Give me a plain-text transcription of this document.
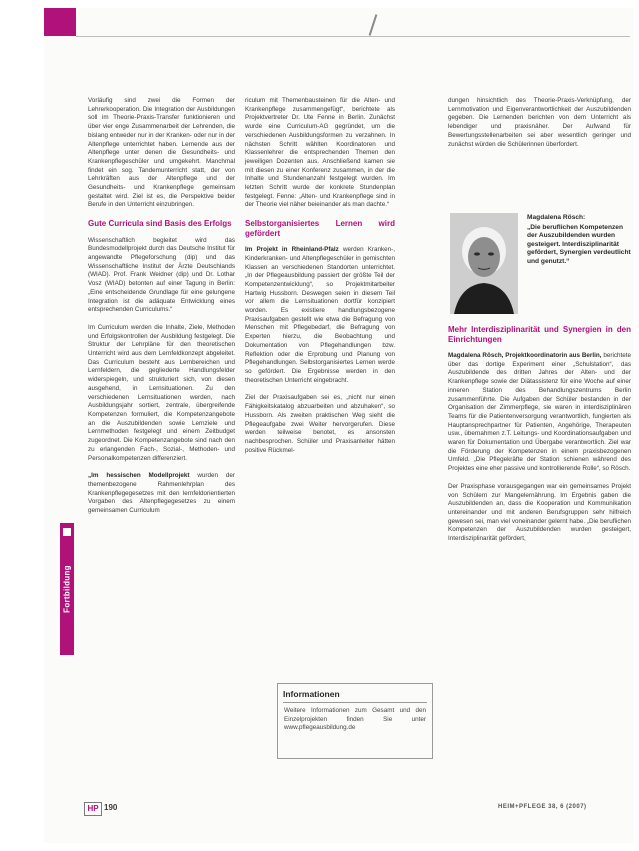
Fortbildung

Vorläufig sind zwei die Formen der Lehrerkooperation. Die Integration der Ausbildungen soll im Theorie-Praxis-Transfer funktionieren und über vier enge Zusammenarbeit der Lehrenden, die bislang entweder nur in der Kranken- oder nur in der Altenpflege unterrichtet haben. Lernende aus der Altenpflege unter denen die Gesundheits- und Krankenpflegeschüler und umgekehrt. Manchmal findet ein sog. Tandemunterricht statt, der von Lehrkräften aus der Altenpflege und der Gesundheits- und Krankenpflege gemeinsam gestaltet wird. Ziel ist es, die Perspektive beider Berufe in den Unterricht einzubringen.

Gute Curricula sind Basis des Erfolgs

Wissenschaftlich begleitet wird das Bundesmodellprojekt durch das Deutsche Institut für angewandte Pflegeforschung (dip) und das Wissenschaftliche Institut der Ärzte Deutschlands (WIAD). Prof. Frank Weidner (dip) und Dr. Lothar Vosz (WIAD) betonten auf einer Tagung in Berlin: „Eine entscheidende Grundlage für eine gelungene Integration ist die adäquate Entwicklung eines entsprechenden Curriculums.“

Im Curriculum werden die Inhalte, Ziele, Methoden und Erfolgskontrollen der Ausbildung festgelegt. Die Struktur der Lehrpläne für den theoretischen Unterricht wird aus dem Lernfeldkonzept abgeleitet. Das Curriculum besteht aus Lernbereichen und Lernfeldern, die gegliederte Handlungsfelder widerspiegeln, und strukturiert sich, von diesen ausgehend, in Lernsituationen. Zu den verschiedenen Lernsituationen werden, nach Ausbildungsjahr sortiert, zentrale, übergreifende Kompetenzen formuliert, die Kompetenzangebote an die Auszubildenden sowie Lernziele und Lernmethoden festgelegt und einem Zeitbudget zugeordnet. Die Kompetenzangebote sind nach den zu erlangenden Fach-, Sozial-, Methoden- und Personalkompetenzen differenziert.

„Im hessischen Modellprojekt wurden der themenbezogene Rahmenlehrplan des Krankenpflegegesetzes mit den lernfeldorientierten Vorgaben des Altenpflegegesetzes zu einem gemeinsamen Curriculum

riculum mit Themenbausteinen für die Alten- und Krankenpflege zusammengefügt“, berichtete als Projektvertreter Dr. Ute Fenne in Berlin. Zunächst wurde eine Curriculum-AG gegründet, um die verschiedenen Ausbildungsformen zu verzahnen. In nächsten Schritt wählten Koordinatoren und Klassenlehrer die entsprechenden Themen den jeweiligen Dozenten aus. Anschließend kamen sie mit diesen zu einer Konferenz zusammen, in der die Inhalte und Stundenanzahl festgelegt wurden. Im letzten Schritt wurde der konkrete Stundenplan festgelegt. Fenne: „Alten- und Krankenpflege sind in der Theorie viel näher beieinander als man dachte.“

Selbstorganisiertes Lernen wird gefördert

Im Projekt in Rheinland-Pfalz werden Kranken-, Kinderkranken- und Altenpflegeschüler in gemischten Klassen an verschiedenen Standorten unterrichtet. „In der Pflegeausbildung passiert der größte Teil der Kompetenzentwicklung“, so Projektmitarbeiter Hartwig Hussborn. Deswegen seien in diesem Teil vor allem die Lernsituationen dortfür konzipiert worden. Es existiere handlungsbezogene Praxisaufgaben gestellt wie etwa die Befragung von Menschen mit Pflegebedarf, die Befragung von Experten hierzu, die Beobachtung und Dokumentation von Pflegehandlungen bzw. Reflektion oder die Erprobung und Planung von Pflegehandlungen. Selbstorganisiertes Lernen werde so gefördert. Die Ergebnisse werden in den theoretischen Unterricht eingebracht.

Ziel der Praxisaufgaben sei es, „nicht nur einen Fähigkeitskatalog abzuarbeiten und abzuhaken“, so Hussborn. Als zweiten praktischen Weg sieht die Pflegeaufgabe zwei Weiter hervorgerufen. Diese werden teilweise benotet, es ansonsten nachbesprochen. Schüler und Praxisanleiter hätten positive Rückmel-

dungen hinsichtlich des Theorie-Praxis-Verknüpfung, der Lernmotivation und Eigenverantwortlichkeit der Auszubildenden gegeben. Die Lernenden berichten von dem Unterricht als lebendiger und praxisnäher. Der Aufwand für Bewertungsstellenarbeiten sei aber wesentlich geringer und zunächst würden die Schülerinnen überfordert.

Magdalena Rösch:
„Die beruflichen Kompetenzen der Auszubildenden wurden gesteigert. Interdisziplinarität gefördert, Synergien verdeutlicht und genutzt.“
Mehr Interdisziplinarität und Synergien in den Einrichtungen

Magdalena Rösch, Projektkoordinatorin aus Berlin, berichtete über das dortige Experiment einer „Schulstation“, das Auszubildende des dritten Jahres der Alten- und der Krankenpflege sowie der Diätassistenz für eine Woche auf einer inneren Station des Behandlungszentrums Berlin zusammenführte. Die Aufgaben der Schüler bestanden in der Organisation der Zimmerpflege, sie waren in interdisziplinären Teams für die Patientenversorgung verantwortlich, fungierten als Hauptansprechpartner für Patienten, Angehörige, Therapeuten usw., übernahmen z.T. Leitungs- und Koordinationsaufgaben und waren für Dokumentation und Übergabe verantwortlich. Ziel war die Förderung der Kompetenzen in einem praxisbezogenen Umfeld. „Die Pflegekräfte der Station schienen während des Projektes eine eher passive und kontrollierende Rolle“, so Rösch.

Der Praxisphase vorausgegangen war ein gemeinsames Projekt von Schülern zur Mangelernährung. Im Ergebnis gaben die Auszubildenden an, dass die Kooperation und Kommunikation untereinander und mit anderen Berufsgruppen sehr hilfreich gewesen sei, man viel voneinander gelernt habe. „Die beruflichen Kompetenzen der Auszubildenden wurden gesteigert, Interdisziplinarität gefördert,

Informationen
Weitere Informationen zum Gesamt und den Einzelprojekten finden Sie unter www.pflegeausbildung.de
HP 190	HEIM+PFLEGE 38, 6 (2007)
